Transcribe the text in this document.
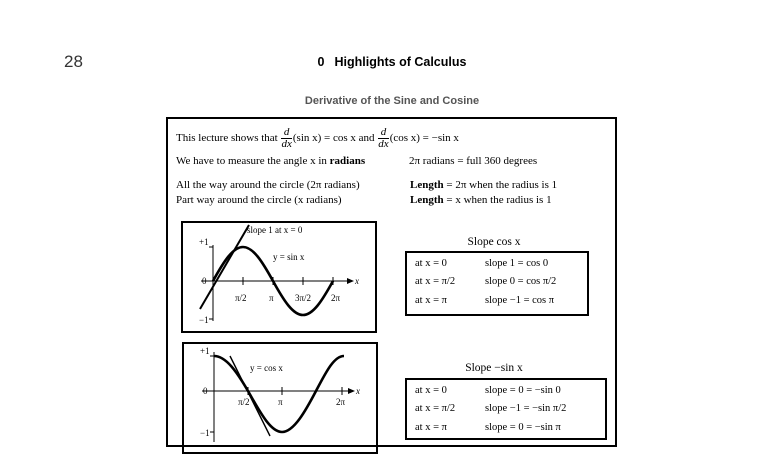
28	0 Highlights of Calculus
Derivative of the Sine and Cosine
This lecture shows that $\frac{d}{dx} (\sin$ x) = cos x and $\frac{d}{dx} (\cos$ x) = −sin x
We have to measure the angle x in radians	2π radians = full 360 degrees
All the way around the circle (2π radians)	Length = 2π when the radius is 1
Part way around the circle (x radians)	Length = x when the radius is 1
slope 1 at x = 0
y = sin x
+1
0
−1
x
π/2 π 3π/2 2π
y = cos x
+1
0
−1
x
π/2	π	2π
Slope cos x
at x = 0	slope 1 = cos 0
at x = π/2	slope 0 = cos π/2
at x = π	slope −1 = cos π
Slope −sin x
at x = 0	slope = 0 = −sin 0
at x = π/2	slope −1 = −sin π/2
at x = π	slope = 0 = −sin π
